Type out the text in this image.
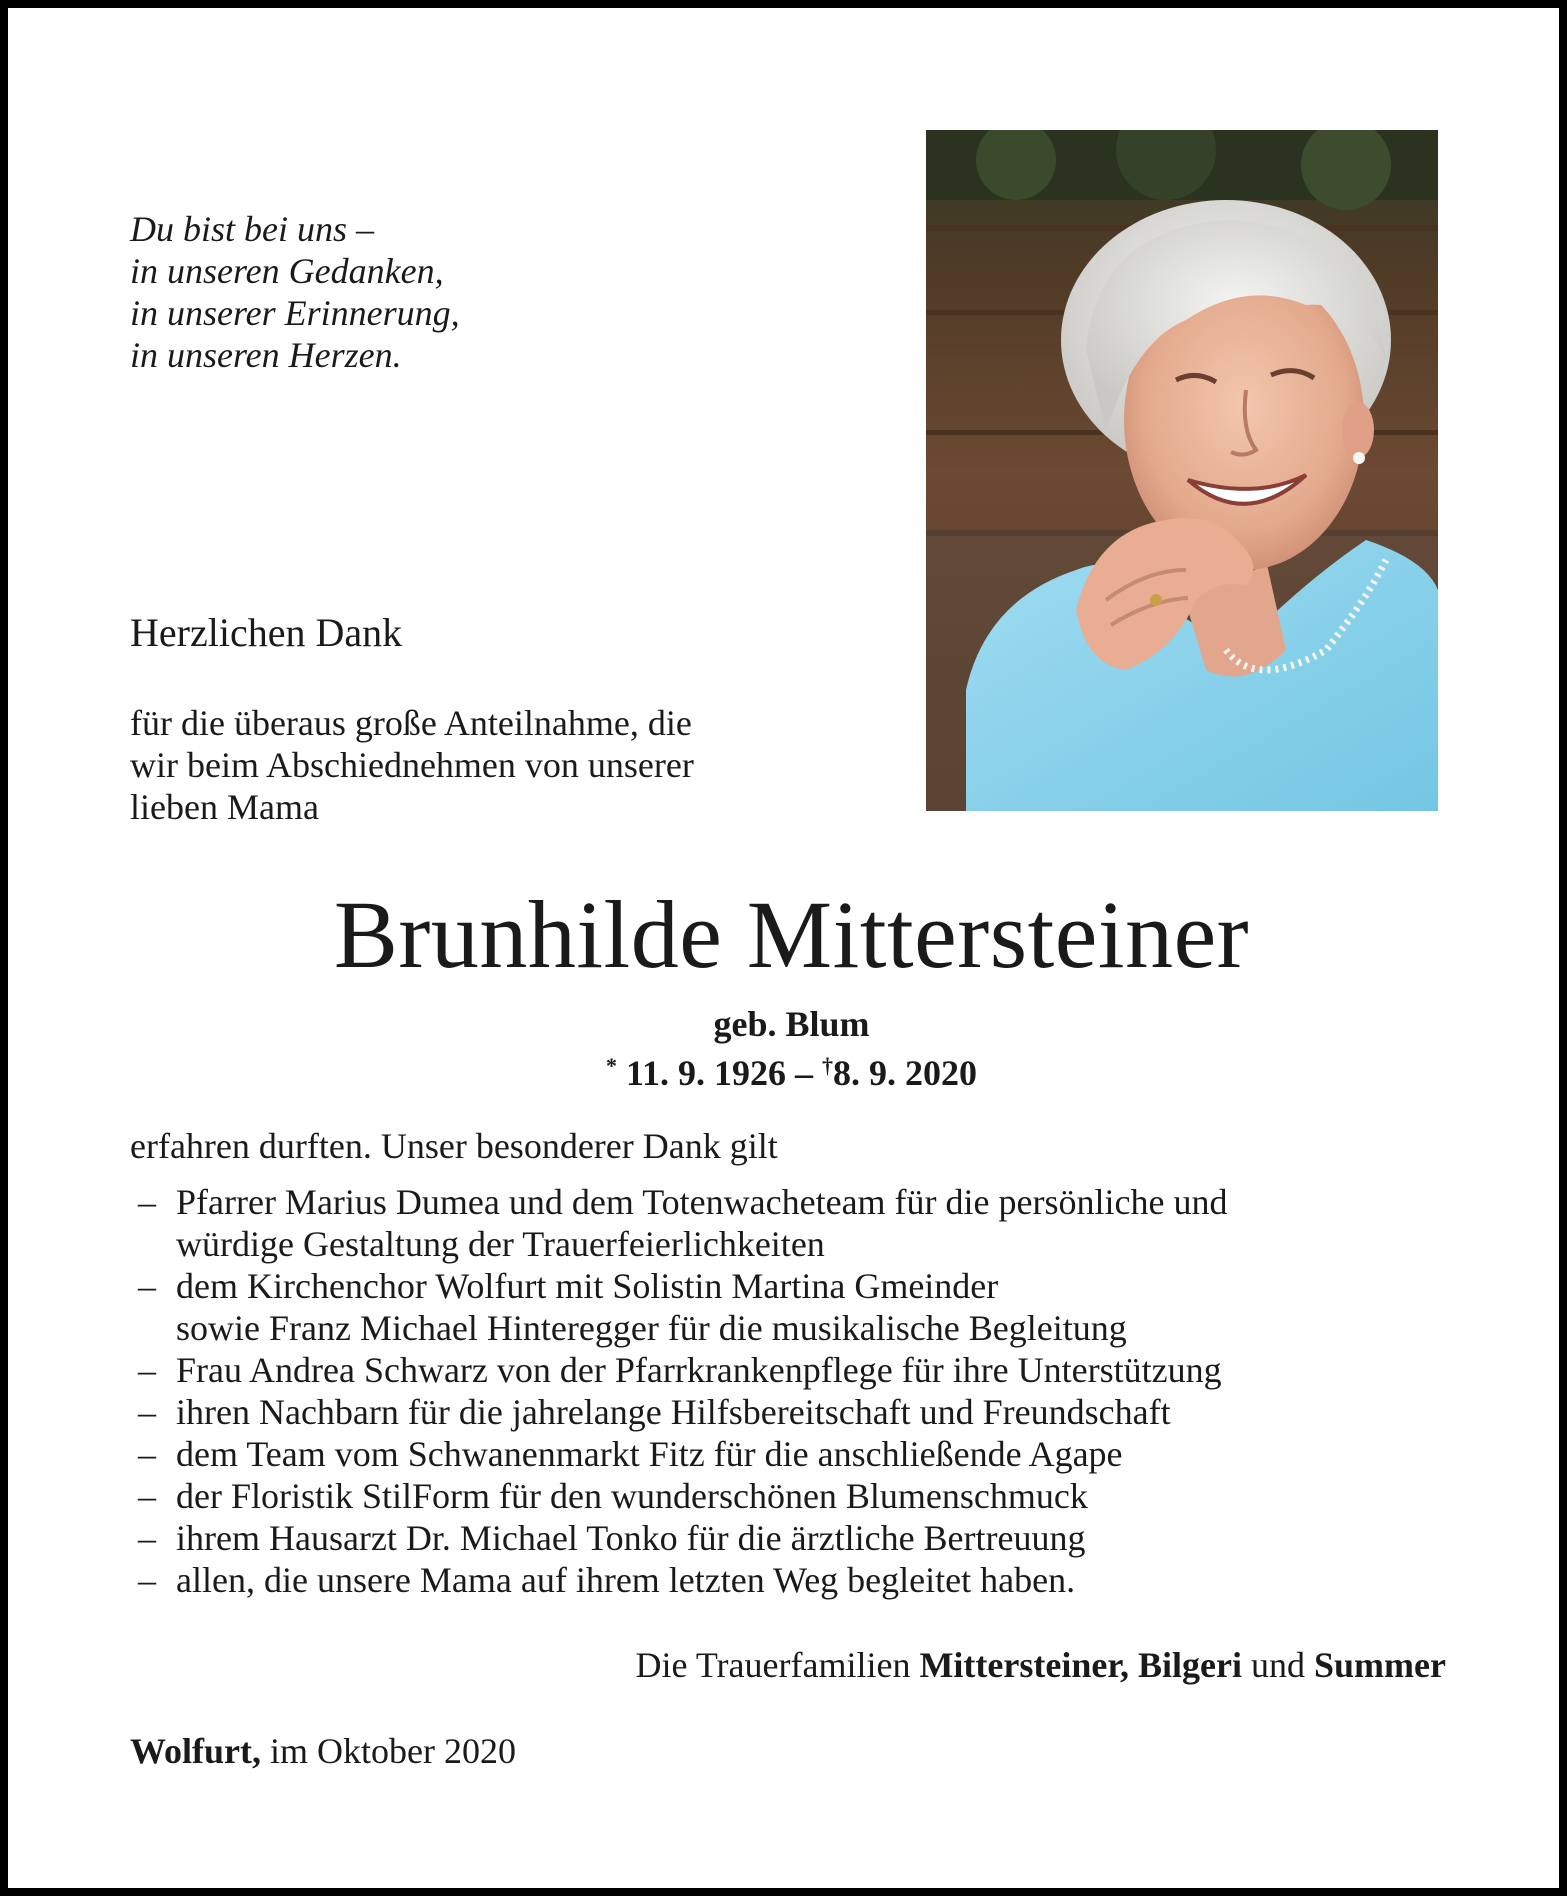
Du bist bei uns –
in unseren Gedanken,
in unserer Erinnerung,
in unseren Herzen.
Herzlichen Dank
für die überaus große Anteilnahme, die
wir beim Abschiednehmen von unserer
lieben Mama
Brunhilde Mittersteiner
geb. Blum
* 11. 9. 1926 – †8. 9. 2020
erfahren durften. Unser besonderer Dank gilt
– Pfarrer Marius Dumea und dem Totenwacheteam für die persönliche und
würdige Gestaltung der Trauerfeierlichkeiten
– dem Kirchenchor Wolfurt mit Solistin Martina Gmeinder
sowie Franz Michael Hinteregger für die musikalische Begleitung
– Frau Andrea Schwarz von der Pfarrkrankenpflege für ihre Unterstützung
– ihren Nachbarn für die jahrelange Hilfsbereitschaft und Freundschaft
– dem Team vom Schwanenmarkt Fitz für die anschließende Agape
– der Floristik StilForm für den wunderschönen Blumenschmuck
– ihrem Hausarzt Dr. Michael Tonko für die ärztliche Bertreuung
– allen, die unsere Mama auf ihrem letzten Weg begleitet haben.
Die Trauerfamilien Mittersteiner, Bilgeri und Summer
Wolfurt, im Oktober 2020
